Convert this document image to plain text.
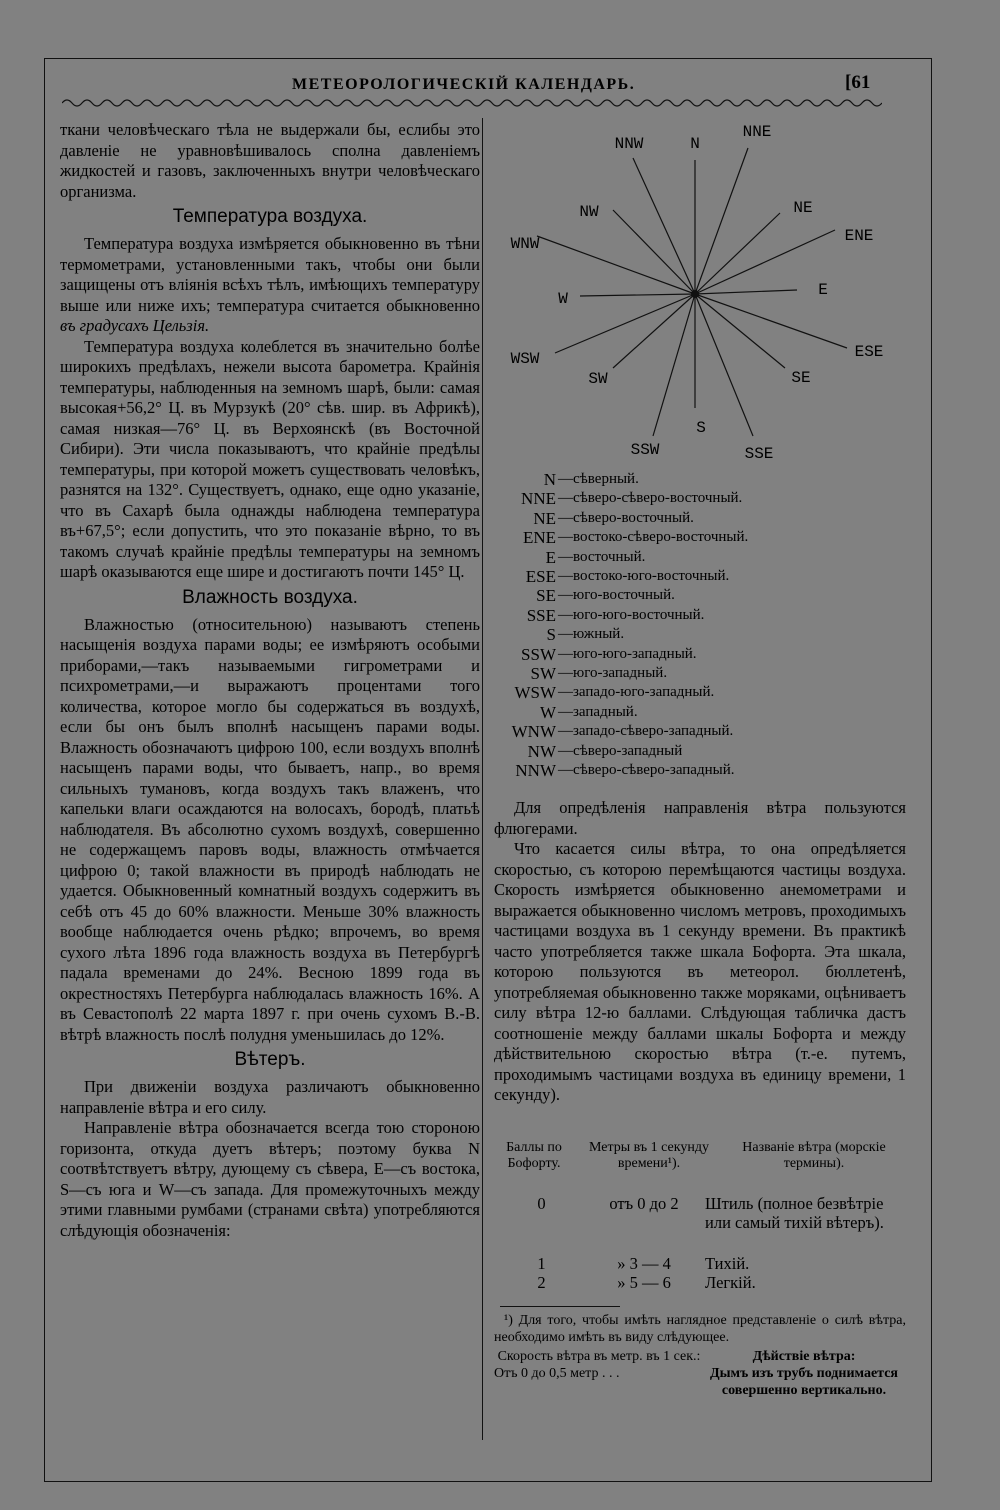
МЕТЕОРОЛОГИЧЕСКІЙ КАЛЕНДАРЬ.	[61

ткани человѣческаго тѣла не выдержали бы, еслибы это давленіе не уравновѣшивалось сполна давленіемъ жидкостей и газовъ, заключенныхъ внутри человѣческаго организма.

Температура воздуха.

Температура воздуха измѣряется обыкновенно въ тѣни термометрами, установленными такъ, чтобы они были защищены отъ вліянія всѣхъ тѣлъ, имѣющихъ температуру выше или ниже ихъ; температура считается обыкновенно въ градусахъ Цельзія.

Температура воздуха колеблется въ значительно болѣе широкихъ предѣлахъ, нежели высота барометра. Крайнія температуры, наблюденныя на земномъ шарѣ, были: самая высокая+56,2° Ц. въ Мурзукѣ (20° сѣв. шир. въ Африкѣ), самая низкая—76° Ц. въ Верхоянскѣ (въ Восточной Сибири). Эти числа показываютъ, что крайніе предѣлы температуры, при которой можетъ существовать человѣкъ, разнятся на 132°. Существуетъ, однако, еще одно указаніе, что въ Сахарѣ была однажды наблюдена температура въ+67,5°; если допустить, что это показаніе вѣрно, то въ такомъ случаѣ крайніе предѣлы температуры на земномъ шарѣ оказываются еще шире и достигаютъ почти 145° Ц.

Влажность воздуха.

Влажностью (относительною) называютъ степень насыщенія воздуха парами воды; ее измѣряютъ особыми приборами,—такъ называемыми гигрометрами и психрометрами,—и выражаютъ процентами того количества, которое могло бы содержаться въ воздухѣ, если бы онъ былъ вполнѣ насыщенъ парами воды. Влажность обозначаютъ цифрою 100, если воздухъ вполнѣ насыщенъ парами воды, что бываетъ, напр., во время сильныхъ тумановъ, когда воздухъ такъ влаженъ, что капельки влаги осаждаются на волосахъ, бородѣ, платьѣ наблюдателя. Въ абсолютно сухомъ воздухѣ, совершенно не содержащемъ паровъ воды, влажность отмѣчается цифрою 0; такой влажности въ природѣ наблюдать не удается. Обыкновенный комнатный воздухъ содержитъ въ себѣ отъ 45 до 60% влажности. Меньше 30% влажность вообще наблюдается очень рѣдко; впрочемъ, во время сухого лѣта 1896 года влажность воздуха въ Петербургѣ падала временами до 24%. Весною 1899 года въ окрестностяхъ Петербурга наблюдалась влажность 16%. А въ Севастополѣ 22 марта 1897 г. при очень сухомъ В.-В. вѣтрѣ влажность послѣ полудня уменьшилась до 12%.

Вѣтеръ.

При движеніи воздуха различаютъ обыкновенно направленіе вѣтра и его силу.

Направленіе вѣтра обозначается всегда тою стороною горизонта, откуда дуетъ вѣтеръ; поэтому буква N соотвѣтствуетъ вѣтру, дующему съ сѣвера, E—съ востока, S—съ юга и W—съ запада. Для промежуточныхъ между этими главными румбами (странами свѣта) употребляются слѣдующія обозначенія:

NNW	N
NNE
NW	NE
ENE
WNW
W	E
WSW	ESE
SW	SE
S
SSW	SSE
N —сѣверный.
NNE —сѣверо-сѣверо-восточный.
NE —сѣверо-восточный.
ENE —востоко-сѣверо-восточный.
E —восточный.
ESE —востоко-юго-восточный.
SE —юго-восточный.
SSE —юго-юго-восточный.
S —южный.
SSW —юго-юго-западный.
SW —юго-западный.
WSW —западо-юго-западный.
W —западный.
WNW —западо-сѣверо-западный.
NW —сѣверо-западный
NNW —сѣверо-сѣверо-западный.

Для опредѣленія направленія вѣтра пользуются флюгерами.

Что касается силы вѣтра, то она опредѣляется скоростью, съ которою перемѣщаются частицы воздуха. Скорость измѣряется обыкновенно анемометрами и выражается обыкновенно числомъ метровъ, проходимыхъ частицами воздуха въ 1 секунду времени. Въ практикѣ часто употребляется также шкала Бофорта. Эта шкала, которою пользуются въ метеорол. бюллетенѣ, употребляемая обыкновенно также моряками, оцѣниваетъ силу вѣтра 12-ю баллами. Слѣдующая табличка дастъ соотношеніе между баллами шкалы Бофорта и между дѣйствительною скоростью вѣтра (т.-е. путемъ, проходимымъ частицами воздуха въ единицу времени, 1 секунду).

Баллы по Бофорту.
Метры въ 1 секунду времени¹).
Названіе вѣтра (морскіе термины).
0	отъ 0 до 2	Штиль (полное безвѣтріе или самый тихій вѣтеръ).
1	» 3 — 4	Тихій.
2	» 5 — 6	Легкій.

¹) Для того, чтобы имѣть наглядное представленіе о силѣ вѣтра, необходимо имѣть въ виду слѣдующее.

Скорость вѣтра въ метр. въ 1 сек.:	Дѣйствіе вѣтра:
Отъ 0 до 0,5 метр . . .	Дымъ изъ трубъ поднимается совершенно вертикально.
